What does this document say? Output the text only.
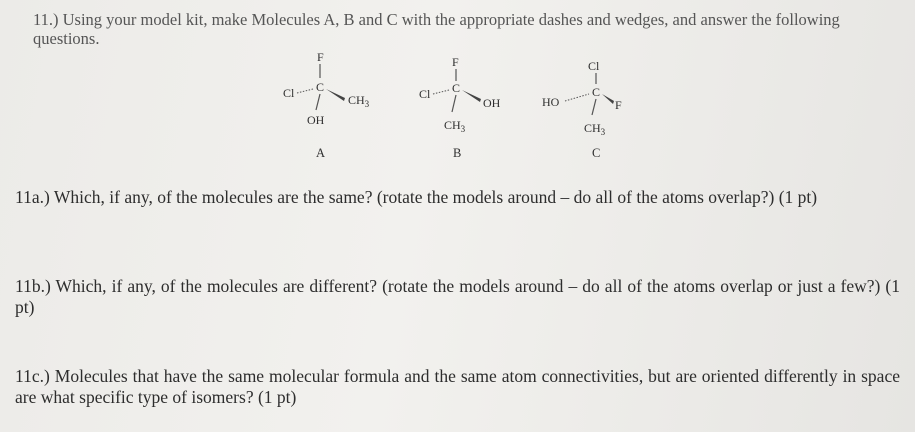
11.) Using your model kit, make Molecules A, B and C with the appropriate dashes and wedges, and answer the following questions.

F
C
Cl	$CH_3$
OH
A
F
C
Cl
OH
$CH_3$
B
Cl
C
HO	F
$CH_3$
C

11a.) Which, if any, of the molecules are the same? (rotate the models around – do all of the atoms overlap?) (1 pt)

11b.) Which, if any, of the molecules are different? (rotate the models around – do all of the atoms overlap or just a few?) (1 pt)

11c.) Molecules that have the same molecular formula and the same atom connectivities, but are oriented differently in space are what specific type of isomers? (1 pt)
